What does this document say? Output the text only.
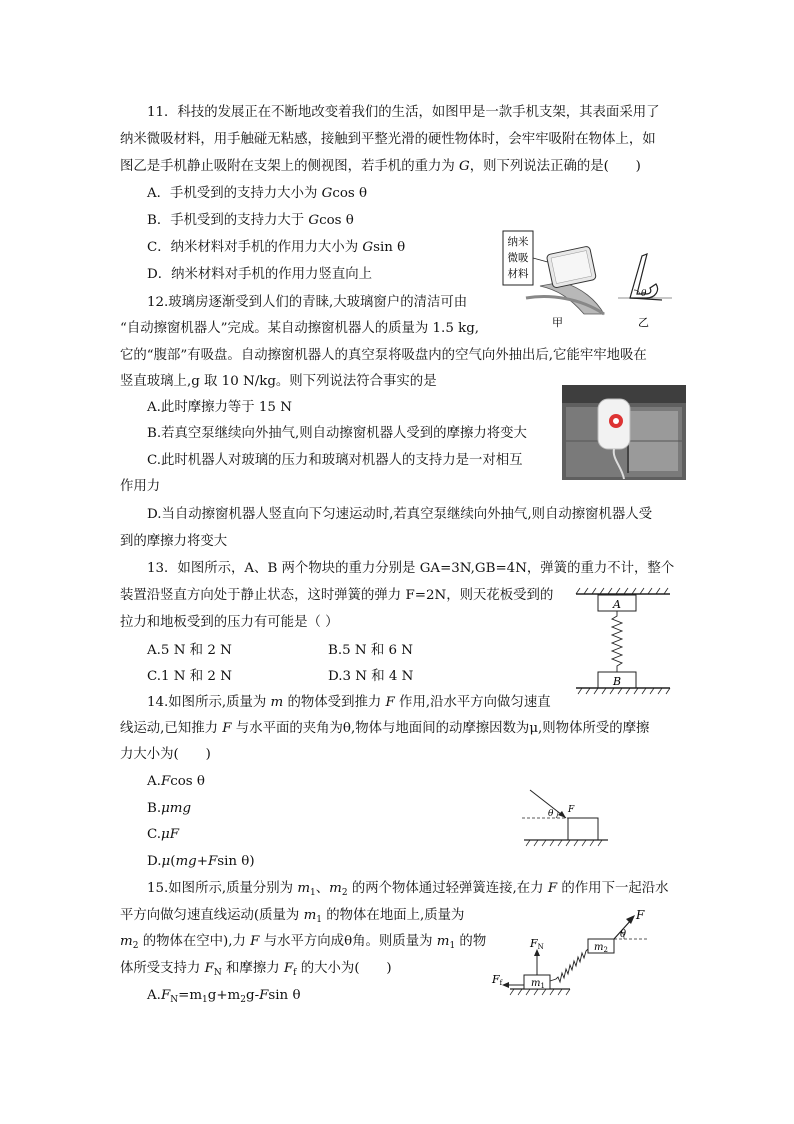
11．科技的发展正在不断地改变着我们的生活，如图甲是一款手机支架，其表面采用了
纳米微吸材料，用手触碰无粘感，接触到平整光滑的硬性物体时，会牢牢吸附在物体上，如
图乙是手机静止吸附在支架上的侧视图，若手机的重力为 G，则下列说法正确的是(　　)
A．手机受到的支持力大小为 Gcos θ
B．手机受到的支持力大于 Gcos θ
C．纳米材料对手机的作用力大小为 Gsin θ
D．纳米材料对手机的作用力竖直向上
纳米
微吸
材料
θ
甲	乙
12.玻璃房逐渐受到人们的青睐,大玻璃窗户的清洁可由
“自动擦窗机器人”完成。某自动擦窗机器人的质量为 1.5 kg,
它的“腹部”有吸盘。自动擦窗机器人的真空泵将吸盘内的空气向外抽出后,它能牢牢地吸在
竖直玻璃上,g 取 10 N/kg。则下列说法符合事实的是
A.此时摩擦力等于 15 N
B.若真空泵继续向外抽气,则自动擦窗机器人受到的摩擦力将变大
C.此时机器人对玻璃的压力和玻璃对机器人的支持力是一对相互
作用力
D.当自动擦窗机器人竖直向下匀速运动时,若真空泵继续向外抽气,则自动擦窗机器人受
到的摩擦力将变大
13．如图所示，A、B 两个物块的重力分别是 GA=3N,GB=4N，弹簧的重力不计，整个
装置沿竖直方向处于静止状态，这时弹簧的弹力 F=2N，则天花板受到的
拉力和地板受到的压力有可能是（ ）
A.5 N 和 2 N	B.5 N 和 6 N
C.1 N 和 2 N	D.3 N 和 4 N
A
B
14.如图所示,质量为 m 的物体受到推力 F 作用,沿水平方向做匀速直
线运动,已知推力 F 与水平面的夹角为θ,物体与地面间的动摩擦因数为μ,则物体所受的摩擦
力大小为(　　)
A.Fcos θ
B.μmg
C.μF
D.μ(mg+Fsin θ)
θ F
15.如图所示,质量分别为 $m_1$、$m_2$ 的两个物体通过轻弹簧连接,在力 F 的作用下一起沿水
平方向做匀速直线运动(质量为 $m_1$ 的物体在地面上,质量为
$m_2$ 的物体在空中),力 F 与水平方向成θ角。则质量为 $m_1$ 的物
体所受支持力 $F_N$ 和摩擦力 $F_f$ 的大小为(　　)
$A.F_N=m_1g+m_2g$-Fsin θ
$m_1$
FN
Ff
$m_2$
F
θ
